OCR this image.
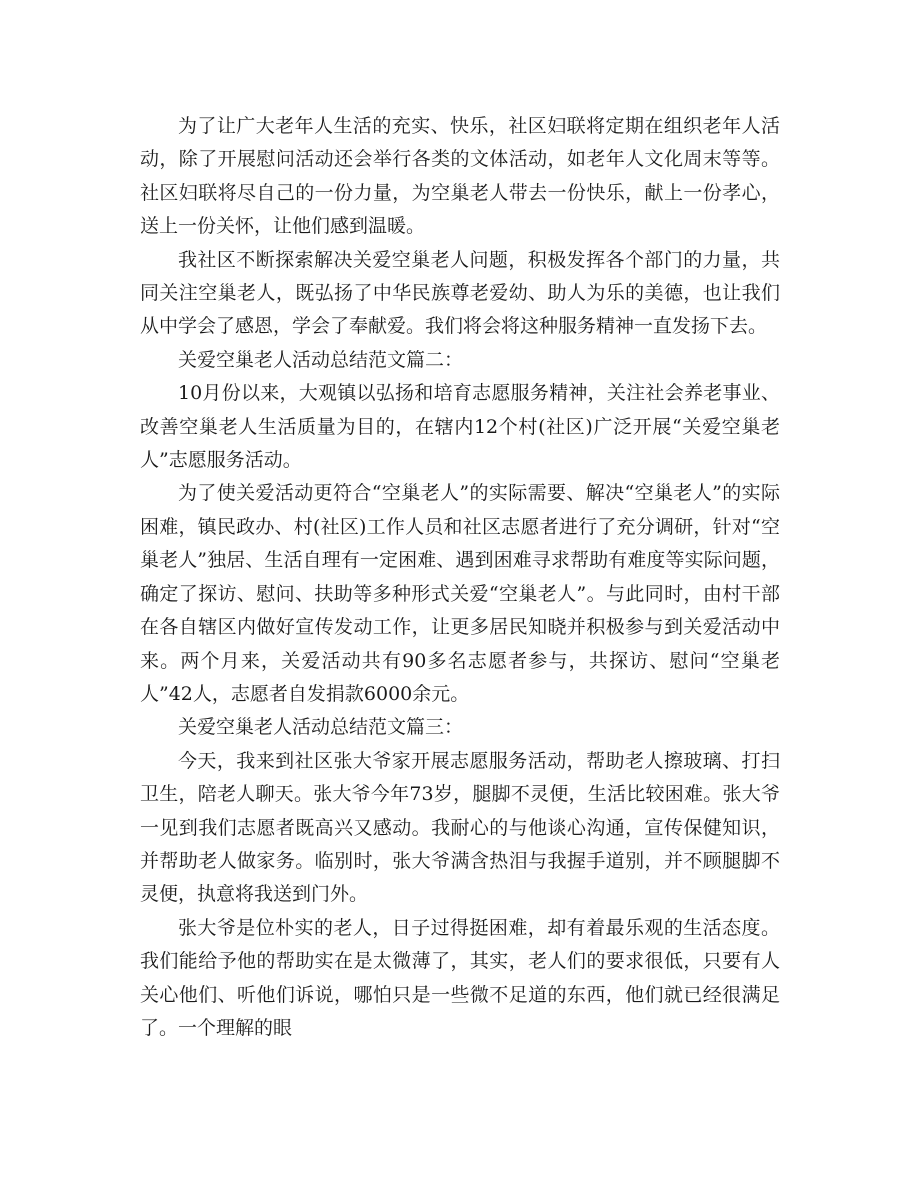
为了让广大老年人生活的充实、快乐，社区妇联将定期在组织老年人活动，除了开展慰问活动还会举行各类的文体活动，如老年人文化周末等等。社区妇联将尽自己的一份力量，为空巢老人带去一份快乐，献上一份孝心，送上一份关怀，让他们感到温暖。

我社区不断探索解决关爱空巢老人问题，积极发挥各个部门的力量，共同关注空巢老人，既弘扬了中华民族尊老爱幼、助人为乐的美德，也让我们从中学会了感恩，学会了奉献爱。我们将会将这种服务精神一直发扬下去。

关爱空巢老人活动总结范文篇二：

10月份以来，大观镇以弘扬和培育志愿服务精神，关注社会养老事业、改善空巢老人生活质量为目的，在辖内12个村(社区)广泛开展“关爱空巢老人”志愿服务活动。

为了使关爱活动更符合“空巢老人”的实际需要、解决“空巢老人”的实际困难，镇民政办、村(社区)工作人员和社区志愿者进行了充分调研，针对“空巢老人”独居、生活自理有一定困难、遇到困难寻求帮助有难度等实际问题，确定了探访、慰问、扶助等多种形式关爱“空巢老人”。与此同时，由村干部在各自辖区内做好宣传发动工作，让更多居民知晓并积极参与到关爱活动中来。两个月来，关爱活动共有90多名志愿者参与，共探访、慰问“空巢老人”42人，志愿者自发捐款6000余元。

关爱空巢老人活动总结范文篇三：

今天，我来到社区张大爷家开展志愿服务活动，帮助老人擦玻璃、打扫卫生，陪老人聊天。张大爷今年73岁，腿脚不灵便，生活比较困难。张大爷一见到我们志愿者既高兴又感动。我耐心的与他谈心沟通，宣传保健知识，并帮助老人做家务。临别时，张大爷满含热泪与我握手道别，并不顾腿脚不灵便，执意将我送到门外。

张大爷是位朴实的老人，日子过得挺困难，却有着最乐观的生活态度。我们能给予他的帮助实在是太微薄了，其实，老人们的要求很低，只要有人关心他们、听他们诉说，哪怕只是一些微不足道的东西，他们就已经很满足了。一个理解的眼
